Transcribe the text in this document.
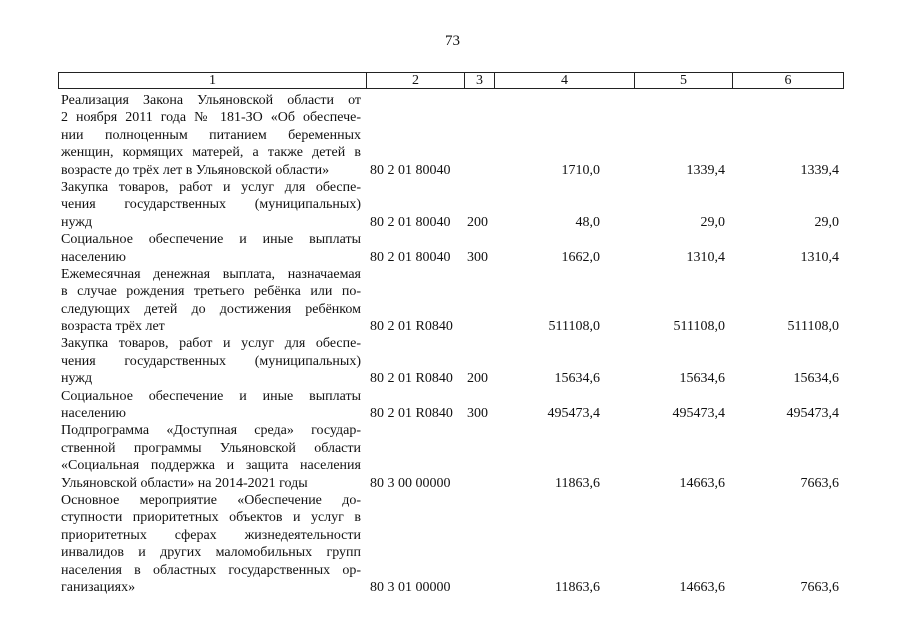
73
1	2	3	4	5	6
Реализация Закона Ульяновской области от
2 ноября 2011 года № 181-ЗО «Об обеспече-
нии полноценным питанием беременных
женщин, кормящих матерей, а также детей в
возрасте до трёх лет в Ульяновской области»	80 2 01 80040	1710,0	1339,4	1339,4
Закупка товаров, работ и услуг для обеспе-
чения государственных (муниципальных)
нужд	80 2 01 80040 200	48,0	29,0	29,0
Социальное обеспечение и иные выплаты
населению	80 2 01 80040 300	1662,0	1310,4	1310,4
Ежемесячная денежная выплата, назначаемая
в случае рождения третьего ребёнка или по-
следующих детей до достижения ребёнком
возраста трёх лет	80 2 01 R0840	511108,0	511108,0	511108,0
Закупка товаров, работ и услуг для обеспе-
чения государственных (муниципальных)
нужд	80 2 01 R0840 200	15634,6	15634,6	15634,6
Социальное обеспечение и иные выплаты
населению	80 2 01 R0840 300	495473,4	495473,4	495473,4
Подпрограмма «Доступная среда» государ-
ственной программы Ульяновской области
«Социальная поддержка и защита населения
Ульяновской области» на 2014-2021 годы	80 3 00 00000	11863,6	14663,6	7663,6
Основное мероприятие «Обеспечение до-
ступности приоритетных объектов и услуг в
приоритетных сферах жизнедеятельности
инвалидов и других маломобильных групп
населения в областных государственных ор-
ганизациях»	80 3 01 00000	11863,6	14663,6	7663,6
